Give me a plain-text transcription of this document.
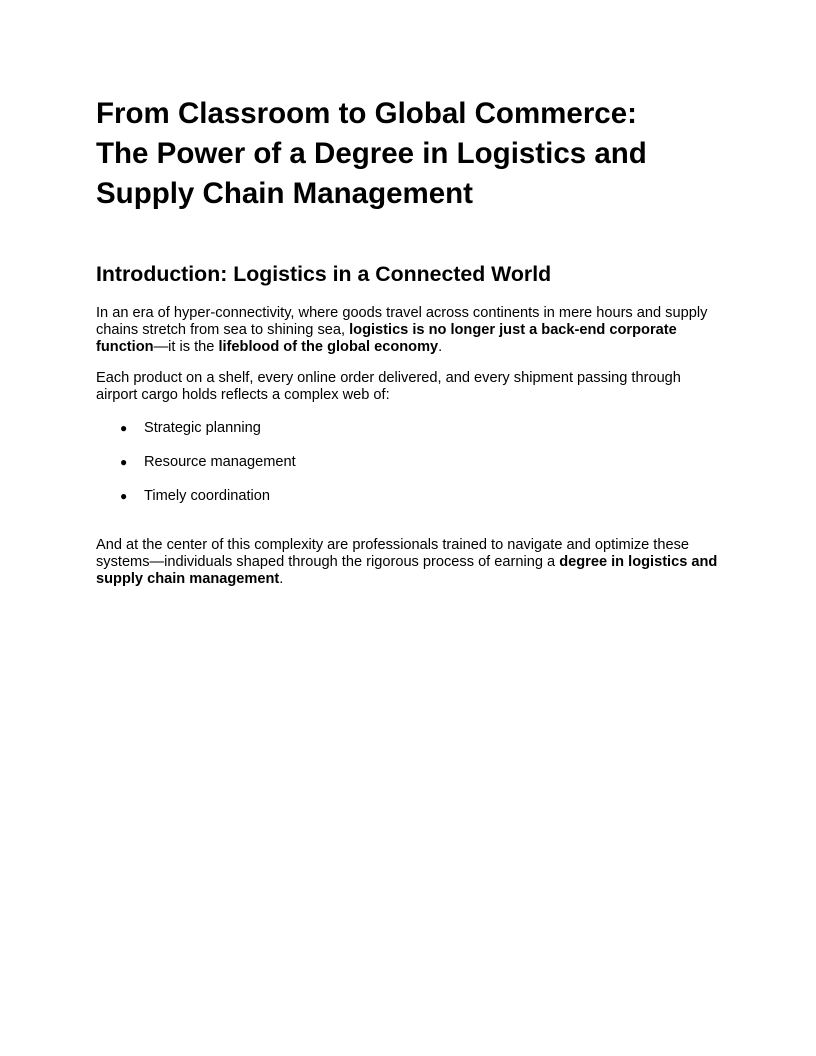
From Classroom to Global Commerce:
The Power of a Degree in Logistics and
Supply Chain Management
Introduction: Logistics in a Connected World

In an era of hyper-connectivity, where goods travel across continents in mere hours and supply chains stretch from sea to shining sea, logistics is no longer just a back-end corporate function—it is the lifeblood of the global economy.

Each product on a shelf, every online order delivered, and every shipment passing through airport cargo holds reflects a complex web of:

● Strategic planning
● Resource management
● Timely coordination

And at the center of this complexity are professionals trained to navigate and optimize these systems—individuals shaped through the rigorous process of earning a degree in logistics and supply chain management.
